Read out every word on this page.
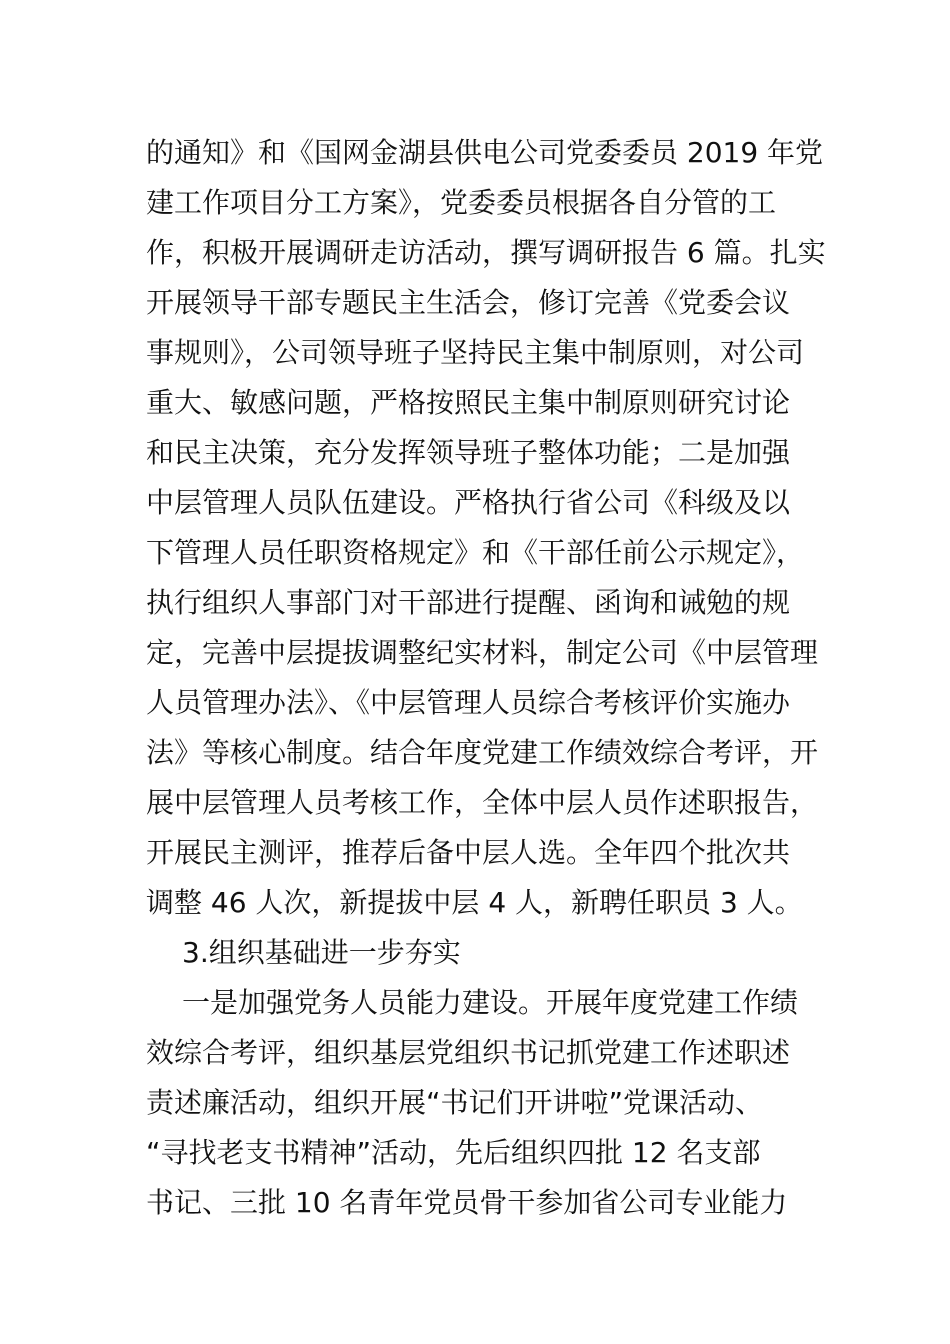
的通知》和《国网金湖县供电公司党委委员 2019 年党
建工作项目分工方案》，党委委员根据各自分管的工
作，积极开展调研走访活动，撰写调研报告 6 篇。扎实
开展领导干部专题民主生活会，修订完善《党委会议
事规则》，公司领导班子坚持民主集中制原则，对公司
重大、敏感问题，严格按照民主集中制原则研究讨论
和民主决策，充分发挥领导班子整体功能；二是加强
中层管理人员队伍建设。严格执行省公司《科级及以
下管理人员任职资格规定》和《干部任前公示规定》，
执行组织人事部门对干部进行提醒、函询和诫勉的规
定，完善中层提拔调整纪实材料，制定公司《中层管理
人员管理办法》、《中层管理人员综合考核评价实施办
法》等核心制度。结合年度党建工作绩效综合考评，开
展中层管理人员考核工作，全体中层人员作述职报告，
开展民主测评，推荐后备中层人选。全年四个批次共
调整 46 人次，新提拔中层 4 人，新聘任职员 3 人。
3.组织基础进一步夯实
一是加强党务人员能力建设。开展年度党建工作绩
效综合考评，组织基层党组织书记抓党建工作述职述
责述廉活动，组织开展“书记们开讲啦”党课活动、
“寻找老支书精神”活动，先后组织四批 12 名支部
书记、三批 10 名青年党员骨干参加省公司专业能力
